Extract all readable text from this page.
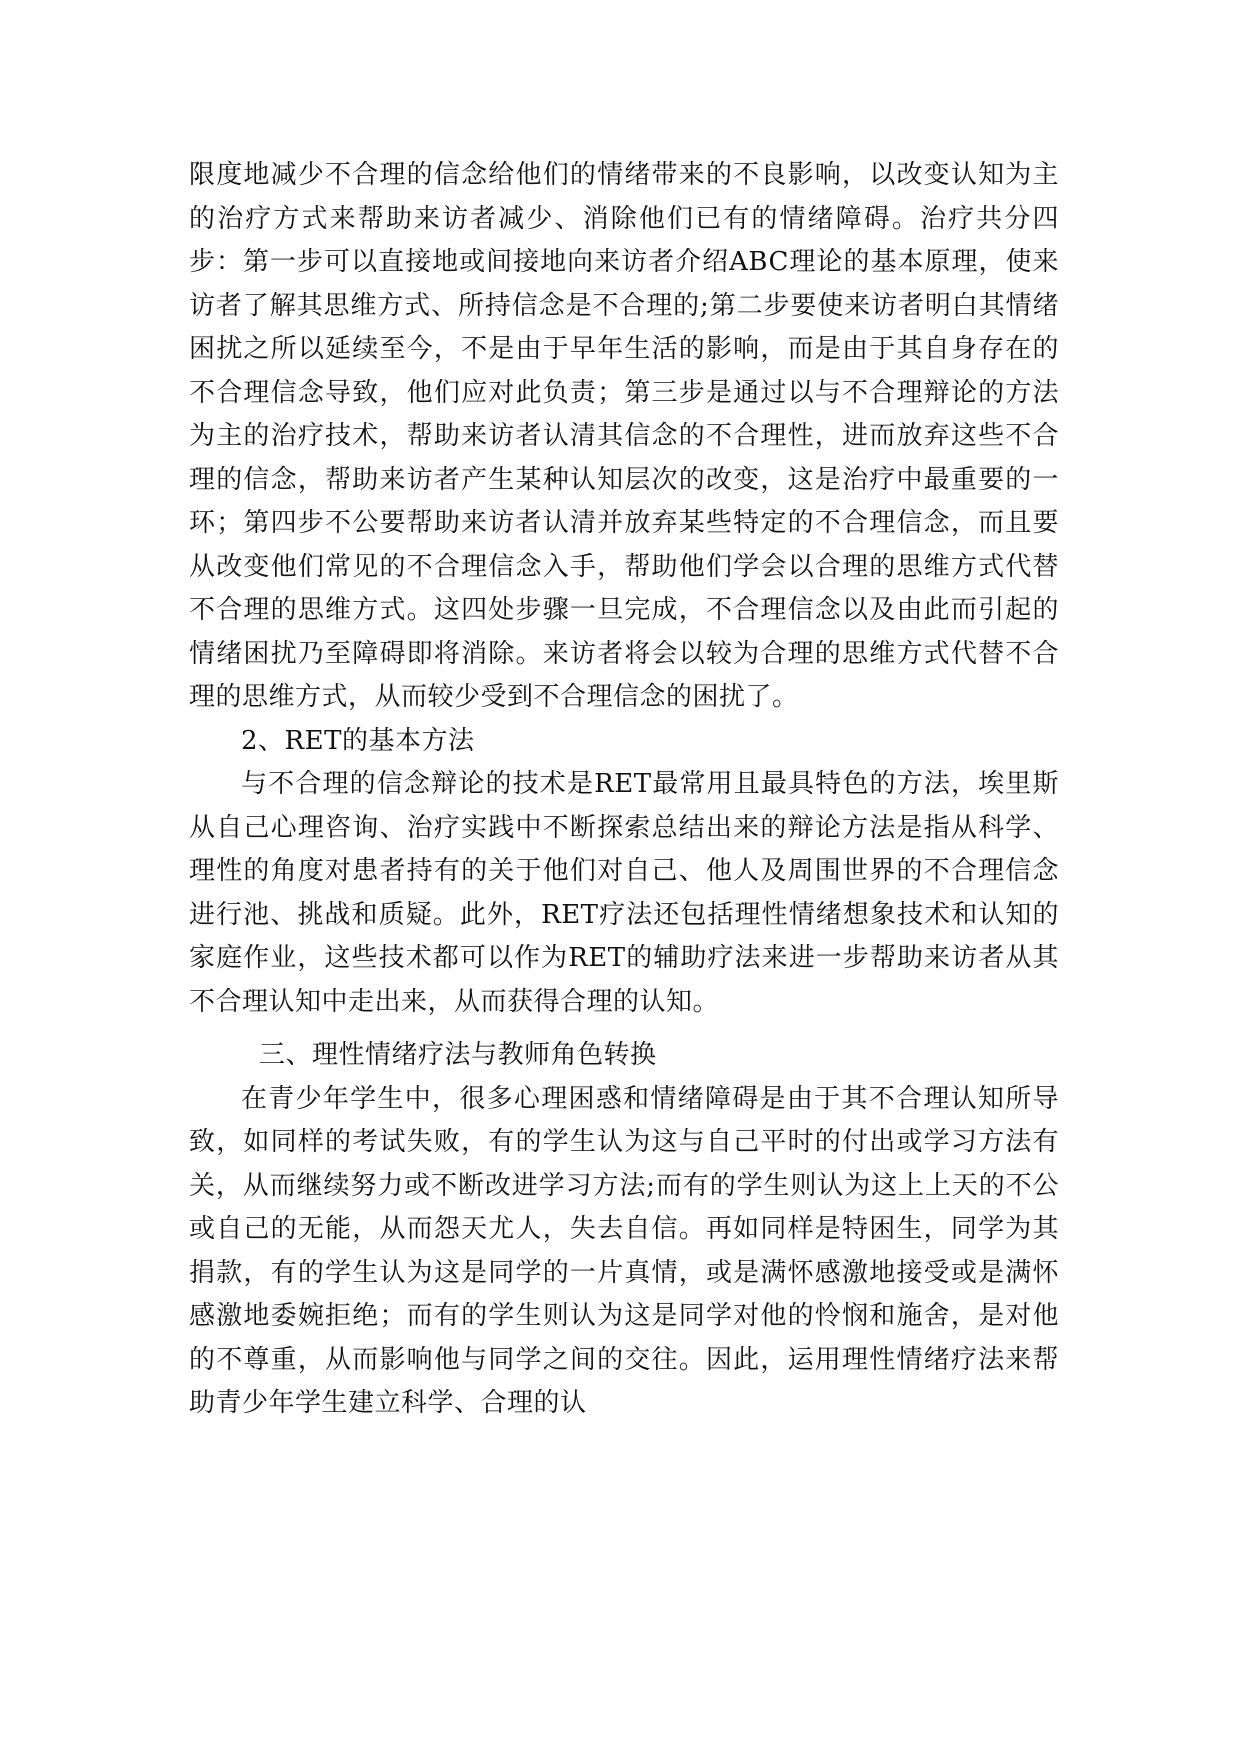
限度地减少不合理的信念给他们的情绪带来的不良影响，以改变认知为主的治疗方式来帮助来访者减少、消除他们已有的情绪障碍。治疗共分四步：第一步可以直接地或间接地向来访者介绍ABC理论的基本原理，使来访者了解其思维方式、所持信念是不合理的;第二步要使来访者明白其情绪困扰之所以延续至今，不是由于早年生活的影响，而是由于其自身存在的不合理信念导致，他们应对此负责；第三步是通过以与不合理辩论的方法为主的治疗技术，帮助来访者认清其信念的不合理性，进而放弃这些不合理的信念，帮助来访者产生某种认知层次的改变，这是治疗中最重要的一环；第四步不公要帮助来访者认清并放弃某些特定的不合理信念，而且要从改变他们常见的不合理信念入手，帮助他们学会以合理的思维方式代替不合理的思维方式。这四处步骤一旦完成，不合理信念以及由此而引起的情绪困扰乃至障碍即将消除。来访者将会以较为合理的思维方式代替不合理的思维方式，从而较少受到不合理信念的困扰了。

2、RET的基本方法

与不合理的信念辩论的技术是RET最常用且最具特色的方法，埃里斯从自己心理咨询、治疗实践中不断探索总结出来的辩论方法是指从科学、理性的角度对患者持有的关于他们对自己、他人及周围世界的不合理信念进行池、挑战和质疑。此外，RET疗法还包括理性情绪想象技术和认知的家庭作业，这些技术都可以作为RET的辅助疗法来进一步帮助来访者从其不合理认知中走出来，从而获得合理的认知。

三、理性情绪疗法与教师角色转换

在青少年学生中，很多心理困惑和情绪障碍是由于其不合理认知所导致，如同样的考试失败，有的学生认为这与自己平时的付出或学习方法有关，从而继续努力或不断改进学习方法;而有的学生则认为这上上天的不公或自己的无能，从而怨天尤人，失去自信。再如同样是特困生，同学为其捐款，有的学生认为这是同学的一片真情，或是满怀感激地接受或是满怀感激地委婉拒绝；而有的学生则认为这是同学对他的怜悯和施舍，是对他的不尊重，从而影响他与同学之间的交往。因此，运用理性情绪疗法来帮助青少年学生建立科学、合理的认
